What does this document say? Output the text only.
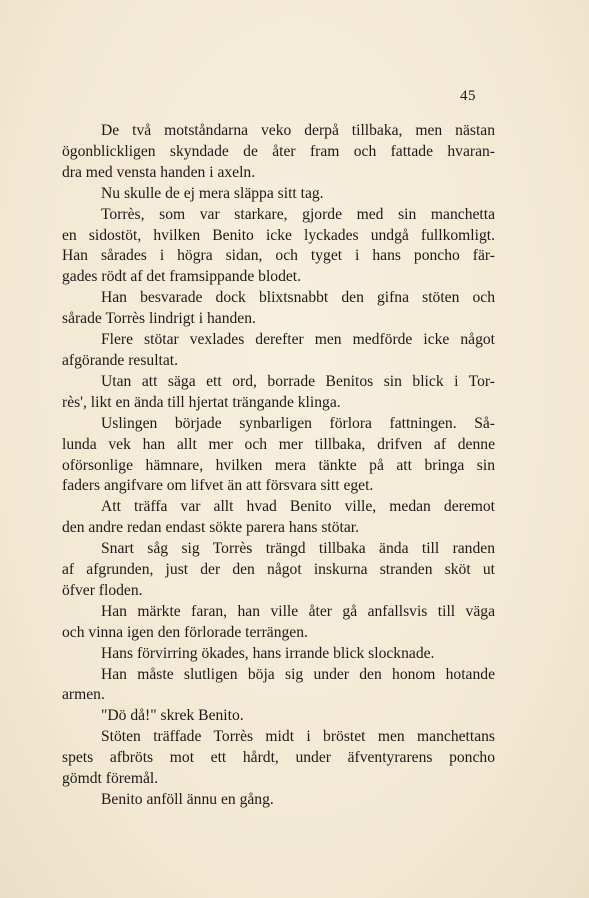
45
De två motståndarna veko derpå tillbaka, men nästan
ögonblickligen skyndade de åter fram och fattade hvaran-
dra med vensta handen i axeln.
Nu skulle de ej mera släppa sitt tag.
Torrès, som var starkare, gjorde med sin manchetta
en sidostöt, hvilken Benito icke lyckades undgå fullkomligt.
Han sårades i högra sidan, och tyget i hans poncho fär-
gades rödt af det framsippande blodet.
Han besvarade dock blixtsnabbt den gifna stöten och
sårade Torrès lindrigt i handen.
Flere stötar vexlades derefter men medförde icke något
afgörande resultat.
Utan att säga ett ord, borrade Benitos sin blick i Tor-
rès', likt en ända till hjertat trängande klinga.
Uslingen började synbarligen förlora fattningen. Så-
lunda vek han allt mer och mer tillbaka, drifven af denne
oförsonlige hämnare, hvilken mera tänkte på att bringa sin
faders angifvare om lifvet än att försvara sitt eget.
Att träffa var allt hvad Benito ville, medan deremot
den andre redan endast sökte parera hans stötar.
Snart såg sig Torrès trängd tillbaka ända till randen
af afgrunden, just der den något inskurna stranden sköt ut
öfver floden.
Han märkte faran, han ville åter gå anfallsvis till väga
och vinna igen den förlorade terrängen.
Hans förvirring ökades, hans irrande blick slocknade.
Han måste slutligen böja sig under den honom hotande
armen.
"Dö då!" skrek Benito.
Stöten träffade Torrès midt i bröstet men manchettans
spets afbröts mot ett hårdt, under äfventyrarens poncho
gömdt föremål.
Benito anföll ännu en gång.
